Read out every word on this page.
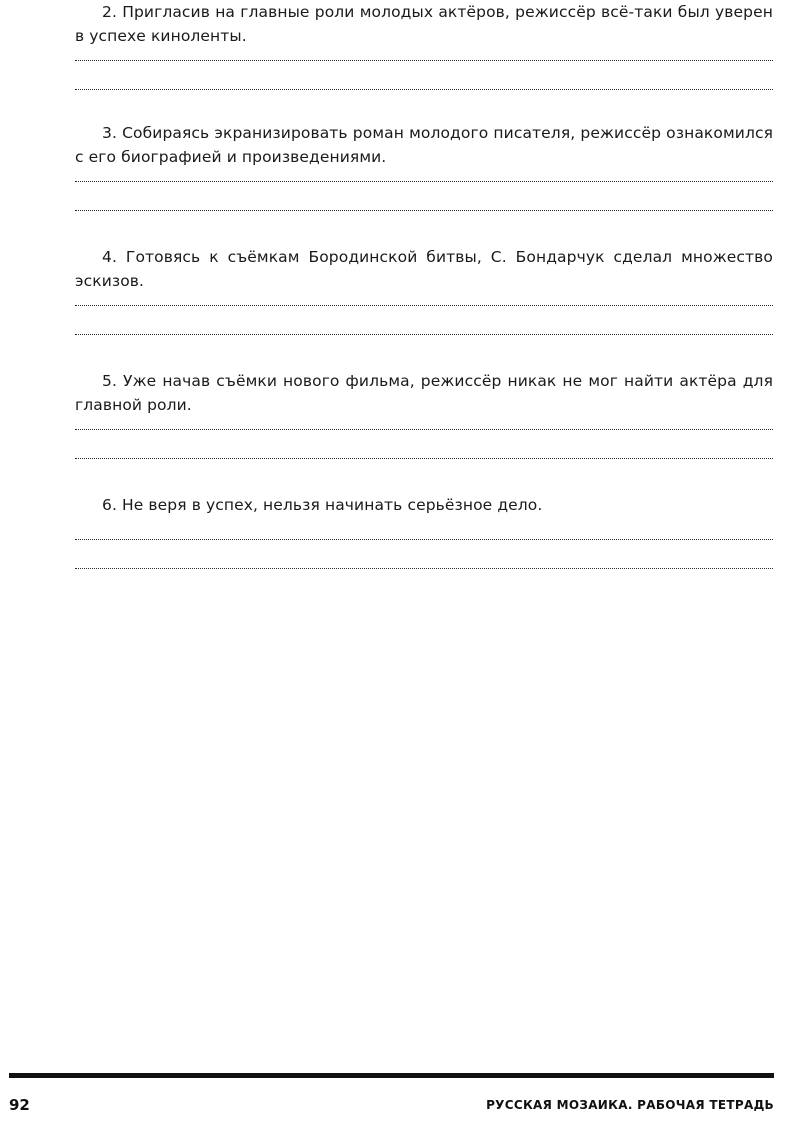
2. Пригласив на главные роли молодых актёров, режиссёр всё-таки был уверен в успехе киноленты.

3. Собираясь экранизировать роман молодого писателя, режиссёр ознакомился с его биографией и произведениями.

4. Готовясь к съёмкам Бородинской битвы, С. Бондарчук сделал множество эскизов.

5. Уже начав съёмки нового фильма, режиссёр никак не мог найти актёра для главной роли.

6. Не веря в успех, нельзя начинать серьёзное дело.

92	РУССКАЯ МОЗАИКА. РАБОЧАЯ ТЕТРАДЬ
